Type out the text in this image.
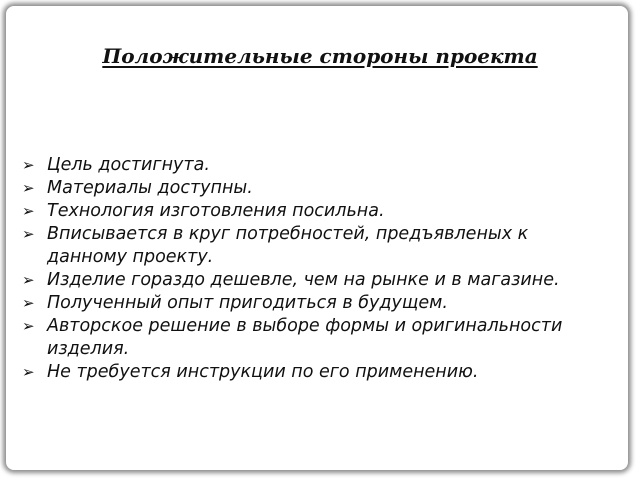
Положительные стороны проекта
➢ Цель достигнута.
➢ Материалы доступны.
➢ Технология изготовления посильна.
➢ Вписывается в круг потребностей, предъявленых к данному проекту.
➢ Изделие гораздо дешевле, чем на рынке и в магазине.
➢ Полученный опыт пригодиться в будущем.
➢ Авторское решение в выборе формы и оригинальности изделия.
➢ Не требуется инструкции по его применению.
